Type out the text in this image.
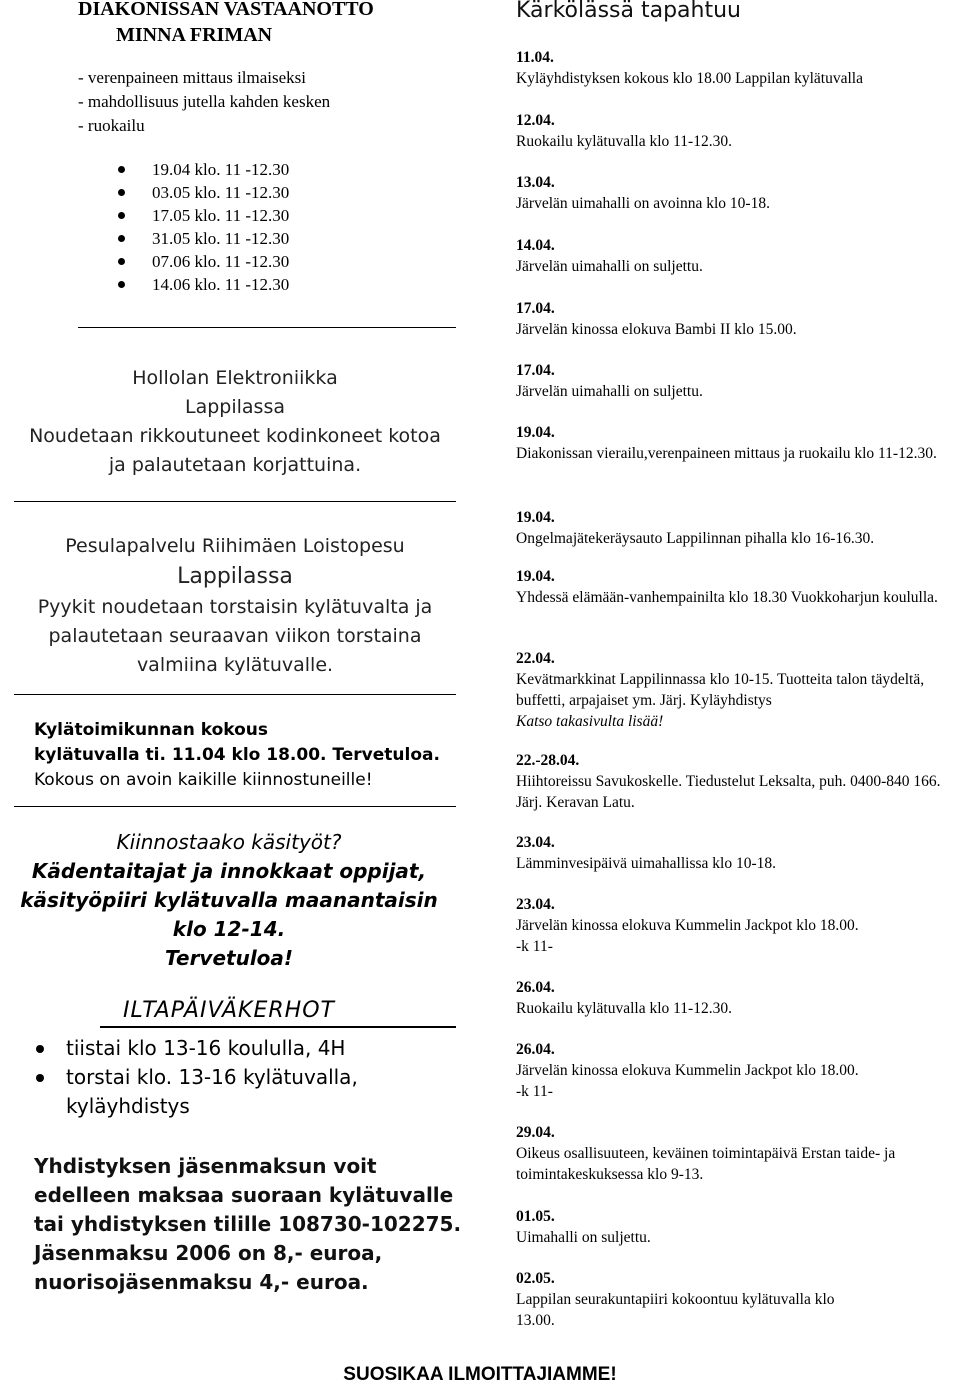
DIAKONISSAN VASTAANOTTO
MINNA FRIMAN
- verenpaineen mittaus ilmaiseksi
- mahdollisuus jutella kahden kesken
- ruokailu
19.04 klo. 11 -12.30
03.05 klo. 11 -12.30
17.05 klo. 11 -12.30
31.05 klo. 11 -12.30
07.06 klo. 11 -12.30
14.06 klo. 11 -12.30
Hollolan Elektroniikka
Lappilassa
Noudetaan rikkoutuneet kodinkoneet kotoa
ja palautetaan korjattuina.
Pesulapalvelu Riihimäen Loistopesu
Lappilassa
Pyykit noudetaan torstaisin kylätuvalta ja
palautetaan seuraavan viikon torstaina
valmiina kylätuvalle.
Kylätoimikunnan kokous
kylätuvalla ti. 11.04 klo 18.00. Tervetuloa.
Kokous on avoin kaikille kiinnostuneille!
Kiinnostaako käsityöt?
Kädentaitajat ja innokkaat oppijat,
käsityöpiiri kylätuvalla maanantaisin
klo 12-14.
Tervetuloa!
ILTAPÄIVÄKERHOT
tiistai klo 13-16 koululla, 4H
torstai klo. 13-16 kylätuvalla, kyläyhdistys
Yhdistyksen jäsenmaksun voit
edelleen maksaa suoraan kylätuvalle
tai yhdistyksen tilille 108730-102275.
Jäsenmaksu 2006 on 8,- euroa,
nuorisojäsenmaksu 4,- euroa.
Kärkölässä tapahtuu
11.04.
Kyläyhdistyksen kokous klo 18.00 Lappilan kylätuvalla
12.04.
Ruokailu kylätuvalla klo 11-12.30.
13.04.
Järvelän uimahalli on avoinna klo 10-18.
14.04.
Järvelän uimahalli on suljettu.
17.04.
Järvelän kinossa elokuva Bambi II klo 15.00.
17.04.
Järvelän uimahalli on suljettu.
19.04.
Diakonissan vierailu,verenpaineen mittaus ja ruokailu klo 11-12.30.
19.04.
Ongelmajätekeräysauto Lappilinnan pihalla klo 16-16.30.
19.04.
Yhdessä elämään-vanhempainilta klo 18.30 Vuokkoharjun koululla.
22.04.
Kevätmarkkinat Lappilinnassa klo 10-15. Tuotteita talon täydeltä, buffetti, arpajaiset ym. Järj. Kyläyhdistys
Katso takasivulta lisää!
22.-28.04.
Hiihtoreissu Savukoskelle. Tiedustelut Leksalta, puh. 0400-840 166. Järj. Keravan Latu.
23.04.
Lämminvesipäivä uimahallissa klo 10-18.
23.04.
Järvelän kinossa elokuva Kummelin Jackpot klo 18.00.
-k 11-
26.04.
Ruokailu kylätuvalla klo 11-12.30.
26.04.
Järvelän kinossa elokuva Kummelin Jackpot klo 18.00.
-k 11-
29.04.
Oikeus osallisuuteen, keväinen toimintapäivä Erstan taide- ja toimintakeskuksessa klo 9-13.
01.05.
Uimahalli on suljettu.
02.05.
Lappilan seurakuntapiiri kokoontuu kylätuvalla klo 13.00.
SUOSIKAA ILMOITTAJIAMME!
